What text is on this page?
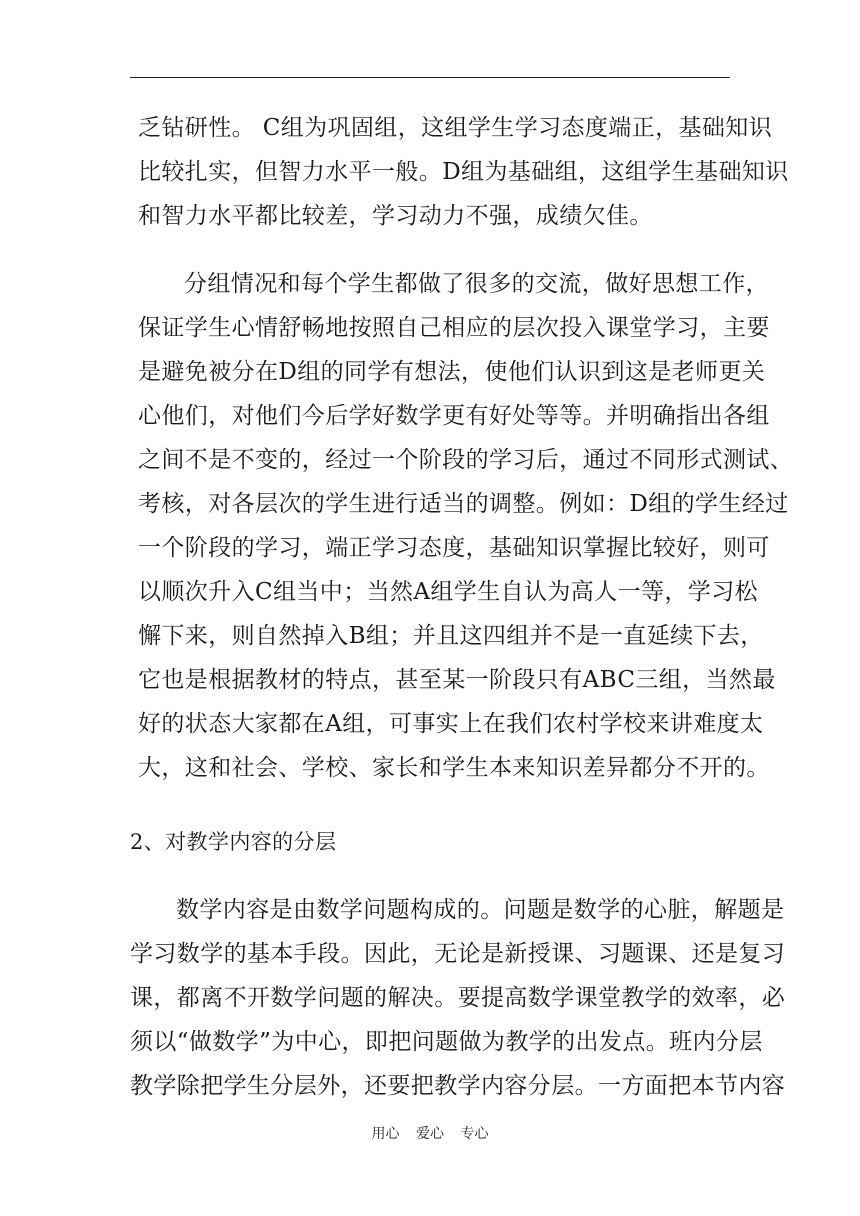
乏钻研性。 C组为巩固组，这组学生学习态度端正，基础知识
比较扎实，但智力水平一般。D组为基础组，这组学生基础知识
和智力水平都比较差，学习动力不强，成绩欠佳。
分组情况和每个学生都做了很多的交流，做好思想工作，
保证学生心情舒畅地按照自己相应的层次投入课堂学习，主要
是避免被分在D组的同学有想法，使他们认识到这是老师更关
心他们，对他们今后学好数学更有好处等等。并明确指出各组
之间不是不变的，经过一个阶段的学习后，通过不同形式测试、
考核，对各层次的学生进行适当的调整。例如：D组的学生经过
一个阶段的学习，端正学习态度，基础知识掌握比较好，则可
以顺次升入C组当中；当然A组学生自认为高人一等，学习松
懈下来，则自然掉入B组；并且这四组并不是一直延续下去，
它也是根据教材的特点，甚至某一阶段只有ABC三组，当然最
好的状态大家都在A组，可事实上在我们农村学校来讲难度太
大，这和社会、学校、家长和学生本来知识差异都分不开的。
2、对教学内容的分层
数学内容是由数学问题构成的。问题是数学的心脏，解题是
学习数学的基本手段。因此，无论是新授课、习题课、还是复习
课，都离不开数学问题的解决。要提高数学课堂教学的效率，必
须以“做数学”为中心，即把问题做为教学的出发点。班内分层
教学除把学生分层外，还要把教学内容分层。一方面把本节内容
用心 爱心 专心
